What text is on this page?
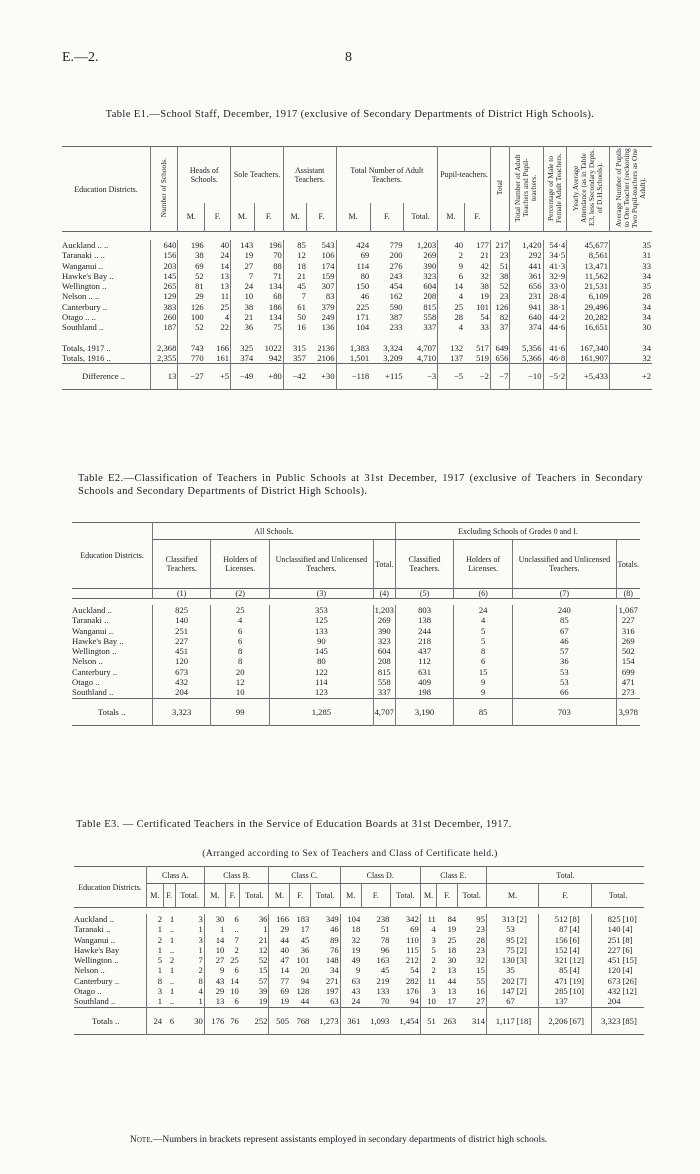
E.—2.	8
Table E1.—School Staff, December, 1917 (exclusive of Secondary Departments of District High Schools).
Education Districts.	Number of Schools.	Heads of Schools.		Sole Teachers.		Assistant Teachers.		Total Number of Adult Teachers.			Pupil-teachers.		Total	Total Number of Adult Teachers and Pupil-teachers.	Percentage of Male to Female Adult Teachers.	Yearly Average Attendance (as in Table E3, less Secondary Depts. of D.H.Schools).	Average Number of Pupils to One Teacher (reckoning Two Pupil-teachers as One Adult).
		M.	F.	M.	F.	M.	F.	M.	F.	Total.	M.	F.					

Auckland .. ..	640	196	40	143	196	85	543	424	779	1,203	40	177	217	1,420	54·4	45,677	35
Taranaki .. ..	156	38	24	19	70	12	106	69	200	269	2	21	23	292	34·5	8,561	31
Wanganui ..	203	69	14	27	88	18	174	114	276	390	9	42	51	441	41·3	13,471	33
Hawke's Bay ..	145	52	13	7	71	21	159	80	243	323	6	32	38	361	32·9	11,562	34
Wellington ..	265	81	13	24	134	45	307	150	454	604	14	38	52	656	33·0	21,531	35
Nelson .. ..	129	29	11	10	68	7	83	46	162	208	4	19	23	231	28·4	6,109	28
Canterbury ..	383	126	25	38	186	61	379	225	590	815	25	101	126	941	38·1	29,496	34
Otago .. ..	260	100	4	21	134	50	249	171	387	558	28	54	82	640	44·2	20,282	34
Southland ..	187	52	22	36	75	16	136	104	233	337	4	33	37	374	44·6	16,651	30
Totals, 1917 ..	2,368	743	166	325	1022	315	2136	1,383	3,324	4,707	132	517	649	5,356	41·6	167,340	34
Totals, 1916 ..	2,355	770	161	374	942	357	2106	1,501	3,209	4,710	137	519	656	5,366	46·8	161,907	32
Difference ..	13	−27	+5	−49	+80	−42	+30	−118	+115	−3	−5	−2	−7	−10	−5·2	+5,433	+2
Table E2.—Classification of Teachers in Public Schools at 31st December, 1917 (exclusive of Teachers in Secondary Schools and Secondary Departments of District High Schools).
Education Districts.	All Schools.				Excluding Schools of Grades 0 and I.			
	Classified Teachers.	Holders of Licenses.	Unclassified and Unlicensed Teachers.	Total.	Classified Teachers.	Holders of Licenses.	Unclassified and Unlicensed Teachers.	Totals.
	(1)	(2)	(3)	(4)	(5)	(6)	(7)	(8)

Auckland ..	825	25	353	1,203	803	24	240	1,067
Taranaki ..	140	4	125	269	138	4	85	227
Wanganui ..	251	6	133	390	244	5	67	316
Hawke's Bay ..	227	6	90	323	218	5	46	269
Wellington ..	451	8	145	604	437	8	57	502
Nelson ..	120	8	80	208	112	6	36	154
Canterbury ..	673	20	122	815	631	15	53	699
Otago ..	432	12	114	558	409	9	53	471
Southland ..	204	10	123	337	198	9	66	273
Totals ..	3,323	99	1,285	4,707	3,190	85	703	3,978
Table E3. — Certificated Teachers in the Service of Education Boards at 31st December, 1917.
(Arranged according to Sex of Teachers and Class of Certificate held.)
Education Districts.	Class A.			Class B.			Class C.			Class D.			Class E.			Total.					
	M.	F.	Total.	M.	F.	Total.	M.	F.	Total.	M.	F.	Total.	M.	F.	Total.	M.		F.		Total.	

Auckland ..	2	1	3	30	6	36	166	183	349	104	238	342	11	84	95	313	[2]	512	[8]	825	[10]
Taranaki ..	1	..	1	1	..	1	29	17	46	18	51	69	4	19	23	53		87	[4]	140	[4]
Wanganui ..	2	1	3	14	7	21	44	45	89	32	78	110	3	25	28	95	[2]	156	[6]	251	[8]
Hawke's Bay	1	..	1	10	2	12	40	36	76	19	96	115	5	18	23	75	[2]	152	[4]	227	[6]
Wellington ..	5	2	7	27	25	52	47	101	148	49	163	212	2	30	32	130	[3]	321	[12]	451	[15]
Nelson ..	1	1	2	9	6	15	14	20	34	9	45	54	2	13	15	35		85	[4]	120	[4]
Canterbury ..	8	..	8	43	14	57	77	94	271	63	219	282	11	44	55	202	[7]	471	[19]	673	[26]
Otago ..	3	1	4	29	10	39	69	128	197	43	133	176	3	13	16	147	[2]	285	[10]	432	[12]
Southland ..	1	..	1	13	6	19	19	44	63	24	70	94	10	17	27	67		137		204	
Totals ..	24	6	30	176	76	252	505	768	1,273	361	1,093	1,454	51	263	314	1,117	[18]	2,206	[67]	3,323	[85]
Note.—Numbers in brackets represent assistants employed in secondary departments of district high schools.
